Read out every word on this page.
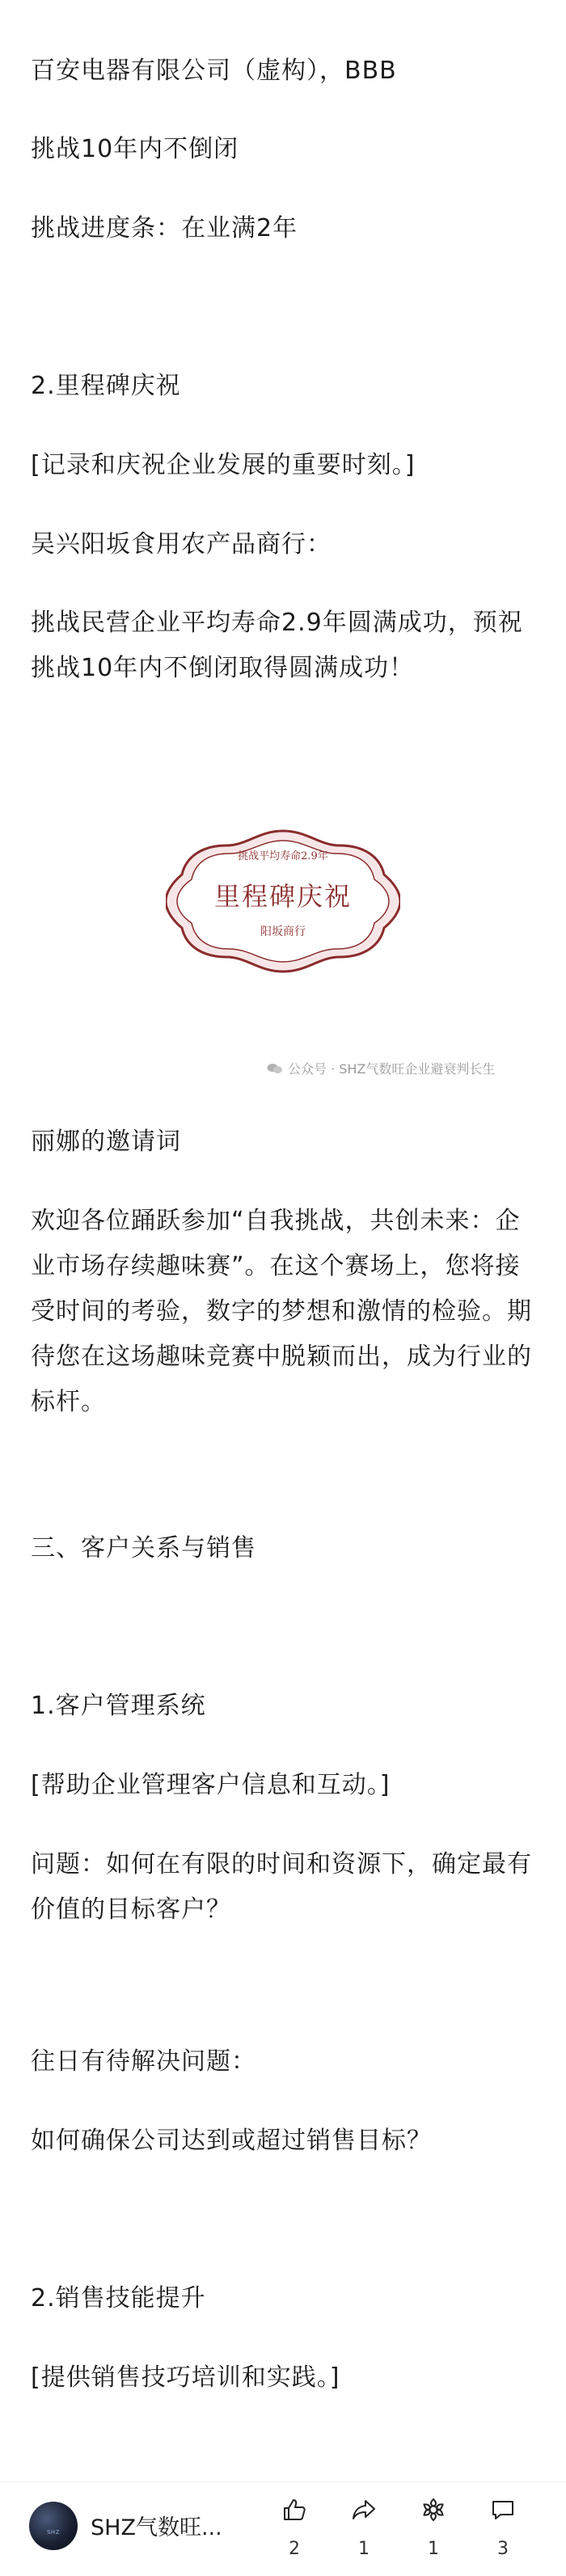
百安电器有限公司（虚构），BBB

挑战10年内不倒闭

挑战进度条：在业满2年

2.里程碑庆祝

[记录和庆祝企业发展的重要时刻。]

吴兴阳坂食用农产品商行：

挑战民营企业平均寿命2.9年圆满成功，预祝挑战10年内不倒闭取得圆满成功！

挑战平均寿命2.9年
里程碑庆祝
阳坂商行
公众号 · SHZ气数旺企业避衰判长生

丽娜的邀请词

欢迎各位踊跃参加“自我挑战，共创未来：企业市场存续趣味赛”。在这个赛场上，您将接受时间的考验，数字的梦想和激情的检验。期待您在这场趣味竞赛中脱颖而出，成为行业的标杆。

三、客户关系与销售

1.客户管理系统

[帮助企业管理客户信息和互动。]

问题：如何在有限的时间和资源下，确定最有价值的目标客户？

往日有待解决问题：

如何确保公司达到或超过销售目标？

2.销售技能提升

[提供销售技巧培训和实践。]

SHZ	SHZ气数旺...
2	1	1	3
